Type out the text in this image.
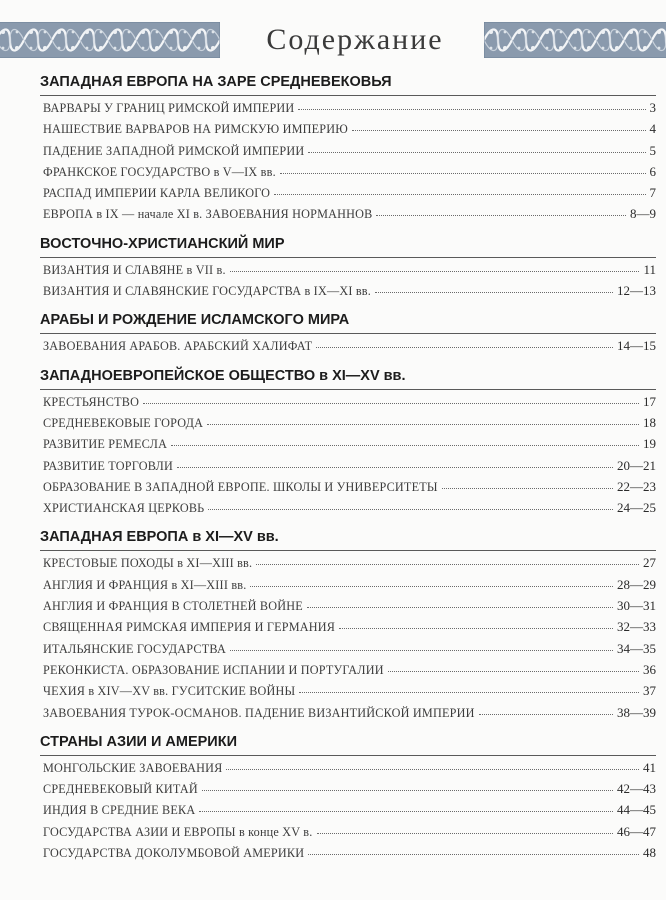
Содержание
ЗАПАДНАЯ ЕВРОПА НА ЗАРЕ СРЕДНЕВЕКОВЬЯ
ВАРВАРЫ У ГРАНИЦ РИМСКОЙ ИМПЕРИИ	3
НАШЕСТВИЕ ВАРВАРОВ НА РИМСКУЮ ИМПЕРИЮ	4
ПАДЕНИЕ ЗАПАДНОЙ РИМСКОЙ ИМПЕРИИ	5
ФРАНКСКОЕ ГОСУДАРСТВО в V—IX вв.	6
РАСПАД ИМПЕРИИ КАРЛА ВЕЛИКОГО	7
ЕВРОПА в IX — начале XI в. ЗАВОЕВАНИЯ НОРМАННОВ	8—9
ВОСТОЧНО-ХРИСТИАНСКИЙ МИР
ВИЗАНТИЯ И СЛАВЯНЕ в VII в.	11
ВИЗАНТИЯ И СЛАВЯНСКИЕ ГОСУДАРСТВА в IX—XI вв.	12—13
АРАБЫ И РОЖДЕНИЕ ИСЛАМСКОГО МИРА
ЗАВОЕВАНИЯ АРАБОВ. АРАБСКИЙ ХАЛИФАТ	14—15
ЗАПАДНОЕВРОПЕЙСКОЕ ОБЩЕСТВО в XI—XV вв.
КРЕСТЬЯНСТВО	17
СРЕДНЕВЕКОВЫЕ ГОРОДА	18
РАЗВИТИЕ РЕМЕСЛА	19
РАЗВИТИЕ ТОРГОВЛИ	20—21
ОБРАЗОВАНИЕ В ЗАПАДНОЙ ЕВРОПЕ. ШКОЛЫ И УНИВЕРСИТЕТЫ	22—23
ХРИСТИАНСКАЯ ЦЕРКОВЬ	24—25
ЗАПАДНАЯ ЕВРОПА в XI—XV вв.
КРЕСТОВЫЕ ПОХОДЫ в XI—XIII вв.	27
АНГЛИЯ И ФРАНЦИЯ в XI—XIII вв.	28—29
АНГЛИЯ И ФРАНЦИЯ В СТОЛЕТНЕЙ ВОЙНЕ	30—31
СВЯЩЕННАЯ РИМСКАЯ ИМПЕРИЯ И ГЕРМАНИЯ	32—33
ИТАЛЬЯНСКИЕ ГОСУДАРСТВА	34—35
РЕКОНКИСТА. ОБРАЗОВАНИЕ ИСПАНИИ И ПОРТУГАЛИИ	36
ЧЕХИЯ в XIV—XV вв. ГУСИТСКИЕ ВОЙНЫ	37
ЗАВОЕВАНИЯ ТУРОК-ОСМАНОВ. ПАДЕНИЕ ВИЗАНТИЙСКОЙ ИМПЕРИИ	38—39
СТРАНЫ АЗИИ И АМЕРИКИ
МОНГОЛЬСКИЕ ЗАВОЕВАНИЯ	41
СРЕДНЕВЕКОВЫЙ КИТАЙ	42—43
ИНДИЯ В СРЕДНИЕ ВЕКА	44—45
ГОСУДАРСТВА АЗИИ И ЕВРОПЫ в конце XV в.	46—47
ГОСУДАРСТВА ДОКОЛУМБОВОЙ АМЕРИКИ	48
